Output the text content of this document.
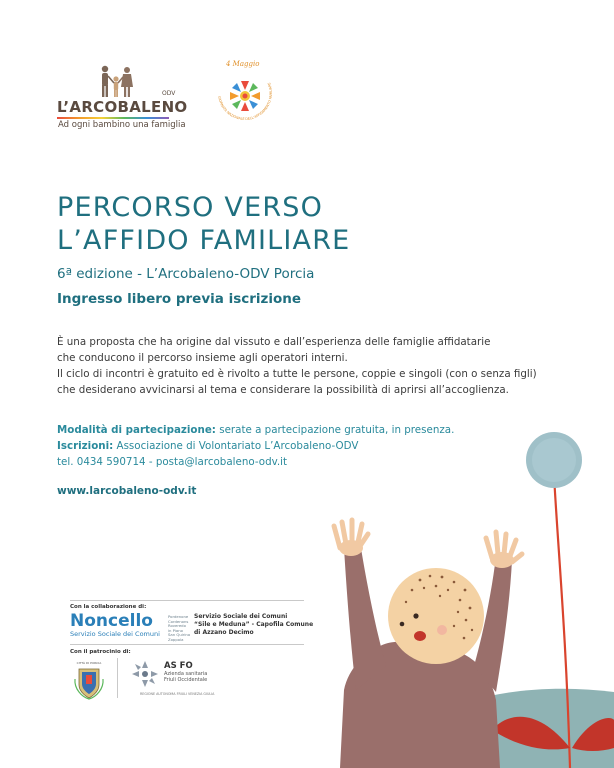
ODV
L’ARCOBALENO
Ad ogni bambino una famiglia
4 Maggio
GIORNATA NAZIONALE DELL'AFFIDAMENTO FAMILIARE
PERCORSO VERSO
L’AFFIDO FAMILIARE
6ª edizione - L’Arcobaleno-ODV Porcia
Ingresso libero previa iscrizione

È una proposta che ha origine dal vissuto e dall’esperienza delle famiglie affidatarie

che conducono il percorso insieme agli operatori interni.

Il ciclo di incontri è gratuito ed è rivolto a tutte le persone, coppie e singoli (con o senza figli)

che desiderano avvicinarsi al tema e considerare la possibilità di aprirsi all’accoglienza.

Modalità di partecipazione: serate a partecipazione gratuita, in presenza.

Iscrizioni: Associazione di Volontariato L’Arcobaleno-ODV

tel. 0434 590714 - posta@larcobaleno-odv.it

www.larcobaleno-odv.it
Con la collaborazione di:
Noncello
Servizio Sociale dei Comuni
Pordenone
Cordenons
Roveredo
in Piano
San Quirino
Zoppola
Servizio Sociale dei Comuni
“Sile e Meduna” - Capofila Comune
di Azzano Decimo
Con il patrocinio di:
CITTÀ DI PORCIA	AS FO
Azienda sanitaria
Friuli Occidentale
REGIONE AUTONOMA FRIULI VENEZIA GIULIA
